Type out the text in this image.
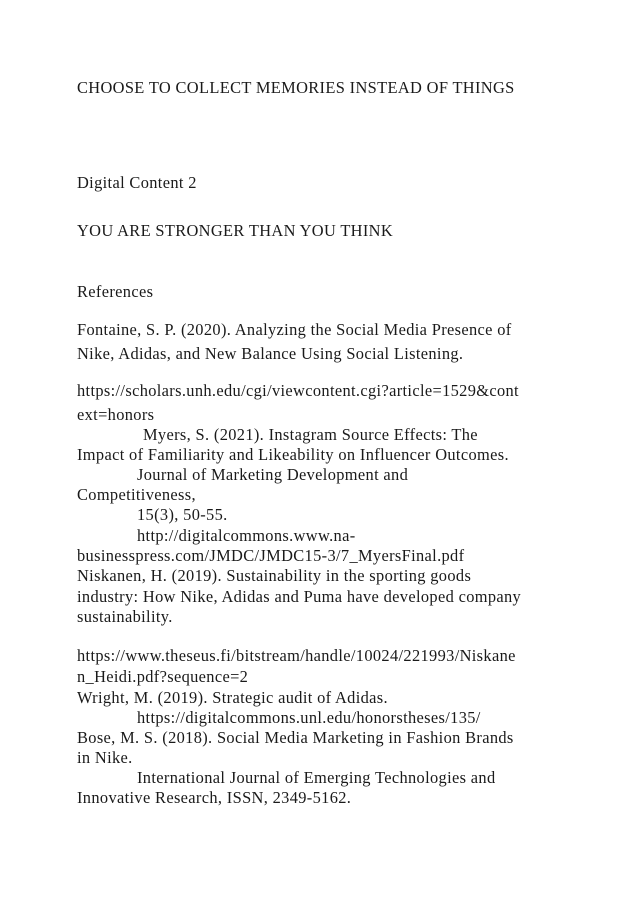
CHOOSE TO COLLECT MEMORIES INSTEAD OF THINGS
Digital Content 2
YOU ARE STRONGER THAN YOU THINK
References
Fontaine, S. P. (2020). Analyzing the Social Media Presence of
Nike, Adidas, and New Balance Using Social Listening.
https://scholars.unh.edu/cgi/viewcontent.cgi?article=1529&cont
ext=honors
Myers, S. (2021). Instagram Source Effects: The
Impact of Familiarity and Likeability on Influencer Outcomes.
Journal of Marketing Development and
Competitiveness,
15(3), 50-55.
http://digitalcommons.www.na-
businesspress.com/JMDC/JMDC15-3/7_MyersFinal.pdf
Niskanen, H. (2019). Sustainability in the sporting goods
industry: How Nike, Adidas and Puma have developed company
sustainability.
https://www.theseus.fi/bitstream/handle/10024/221993/Niskane
n_Heidi.pdf?sequence=2
Wright, M. (2019). Strategic audit of Adidas.
https://digitalcommons.unl.edu/honorstheses/135/
Bose, M. S. (2018). Social Media Marketing in Fashion Brands
in Nike.
International Journal of Emerging Technologies and
Innovative Research, ISSN, 2349-5162.
